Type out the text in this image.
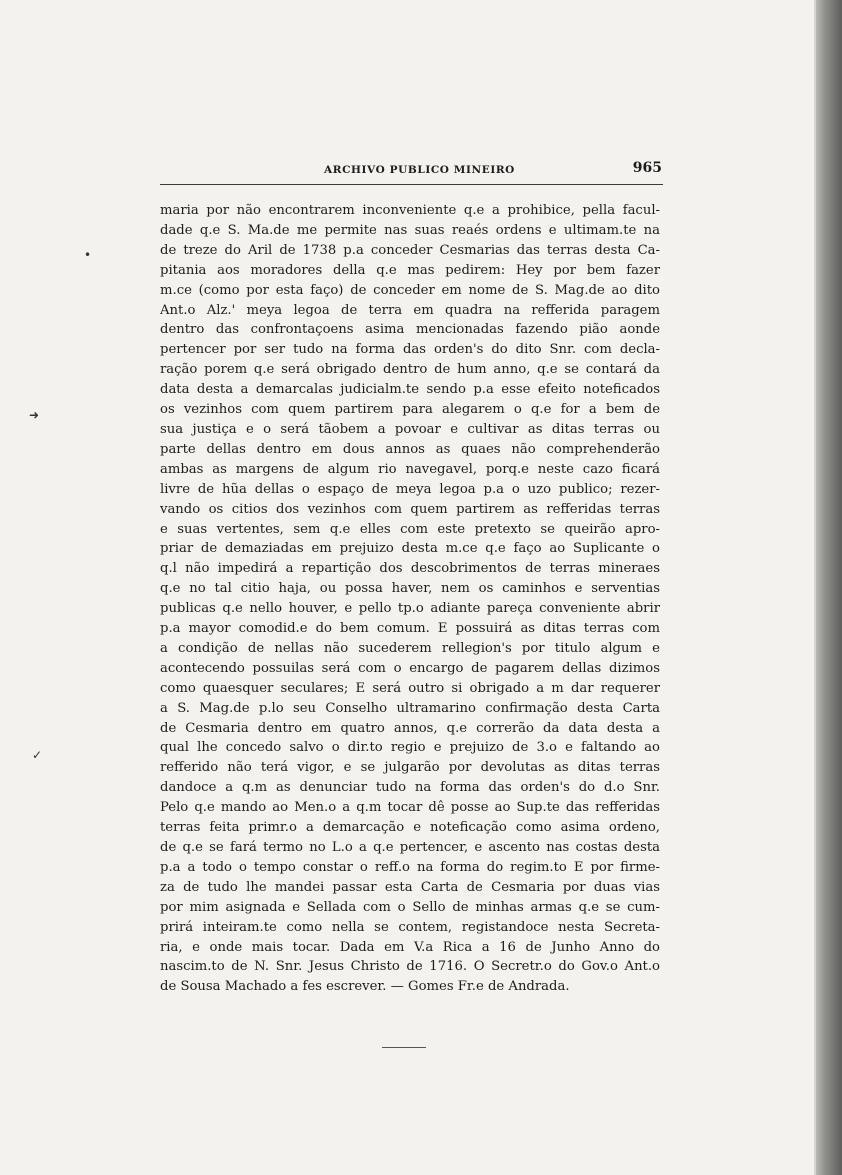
ARCHIVO PUBLICO MINEIRO	965
•
➜
✓
maria por não encontrarem inconveniente q.e a prohibice, pella facul-
dade q.e S. Ma.de me permite nas suas reaés ordens e ultimam.te na
de treze do Aril de 1738 p.a conceder Cesmarias das terras desta Ca-
pitania aos moradores della q.e mas pedirem: Hey por bem fazer
m.ce (como por esta faço) de conceder em nome de S. Mag.de ao dito
Ant.o Alz.' meya legoa de terra em quadra na refferida paragem
dentro das confrontaçoens asima mencionadas fazendo pião aonde
pertencer por ser tudo na forma das orden's do dito Snr. com decla-
ração porem q.e será obrigado dentro de hum anno, q.e se contará da
data desta a demarcalas judicialm.te sendo p.a esse efeito noteficados
os vezinhos com quem partirem para alegarem o q.e for a bem de
sua justiça e o será tãobem a povoar e cultivar as ditas terras ou
parte dellas dentro em dous annos as quaes não comprehenderão
ambas as margens de algum rio navegavel, porq.e neste cazo ficará
livre de hũa dellas o espaço de meya legoa p.a o uzo publico; rezer-
vando os citios dos vezinhos com quem partirem as refferidas terras
e suas vertentes, sem q.e elles com este pretexto se queirão apro-
priar de demaziadas em prejuizo desta m.ce q.e faço ao Suplicante o
q.l não impedirá a repartição dos descobrimentos de terras mineraes
q.e no tal citio haja, ou possa haver, nem os caminhos e serventias
publicas q.e nello houver, e pello tp.o adiante pareça conveniente abrir
p.a mayor comodid.e do bem comum. E possuirá as ditas terras com
a condição de nellas não sucederem rellegion's por titulo algum e
acontecendo possuilas será com o encargo de pagarem dellas dizimos
como quaesquer seculares; E será outro si obrigado a m dar requerer
a S. Mag.de p.lo seu Conselho ultramarino confirmação desta Carta
de Cesmaria dentro em quatro annos, q.e correrão da data desta a
qual lhe concedo salvo o dir.to regio e prejuizo de 3.o e faltando ao
refferido não terá vigor, e se julgarão por devolutas as ditas terras
dandoce a q.m as denunciar tudo na forma das orden's do d.o Snr.
Pelo q.e mando ao Men.o a q.m tocar dê posse ao Sup.te das refferidas
terras feita primr.o a demarcação e noteficação como asima ordeno,
de q.e se fará termo no L.o a q.e pertencer, e ascento nas costas desta
p.a a todo o tempo constar o reff.o na forma do regim.to E por firme-
za de tudo lhe mandei passar esta Carta de Cesmaria por duas vias
por mim asignada e Sellada com o Sello de minhas armas q.e se cum-
prirá inteiram.te como nella se contem, registandoce nesta Secreta-
ria, e onde mais tocar. Dada em V.a Rica a 16 de Junho Anno do
nascim.to de N. Snr. Jesus Christo de 1716. O Secretr.o do Gov.o Ant.o
de Sousa Machado a fes escrever. — Gomes Fr.e de Andrada.
